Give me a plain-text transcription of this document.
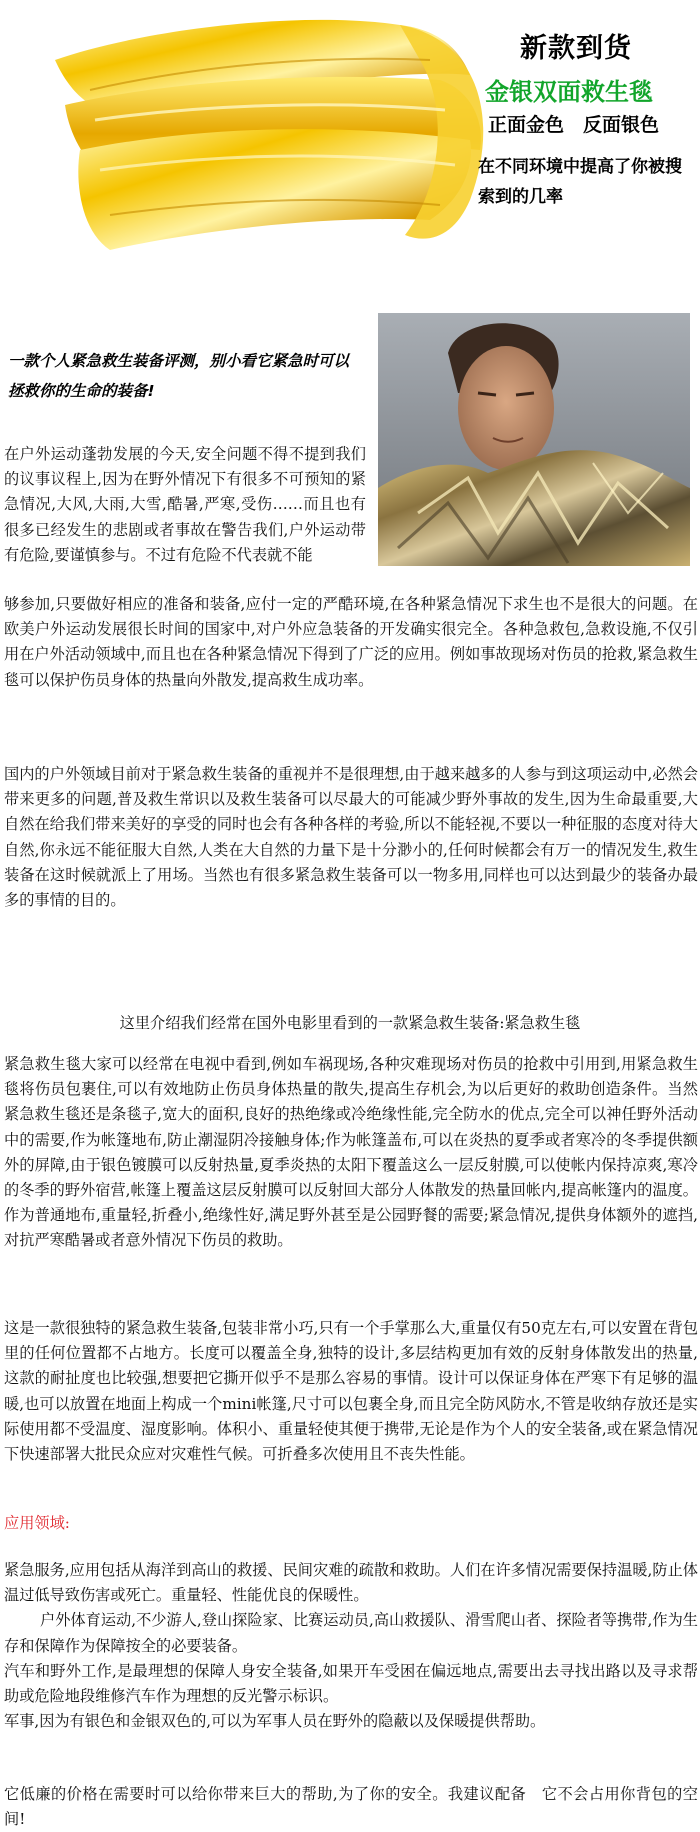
新款到货
金银双面救生毯
正面金色　反面银色
在不同环境中提高了你被搜索到的几率
一款个人紧急救生装备评测，别小看它紧急时可以拯救你的生命的装备!
在户外运动蓬勃发展的今天,安全问题不得不提到我们的议事议程上,因为在野外情况下有很多不可预知的紧急情况,大风,大雨,大雪,酷暑,严寒,受伤……而且也有很多已经发生的悲剧或者事故在警告我们,户外运动带有危险,要谨慎参与。不过有危险不代表就不能
够参加,只要做好相应的准备和装备,应付一定的严酷环境,在各种紧急情况下求生也不是很大的问题。在欧美户外运动发展很长时间的国家中,对户外应急装备的开发确实很完全。各种急救包,急救设施,不仅引用在户外活动领域中,而且也在各种紧急情况下得到了广泛的应用。例如事故现场对伤员的抢救,紧急救生毯可以保护伤员身体的热量向外散发,提高救生成功率。
国内的户外领域目前对于紧急救生装备的重视并不是很理想,由于越来越多的人参与到这项运动中,必然会带来更多的问题,普及救生常识以及救生装备可以尽最大的可能减少野外事故的发生,因为生命最重要,大自然在给我们带来美好的享受的同时也会有各种各样的考验,所以不能轻视,不要以一种征服的态度对待大自然,你永远不能征服大自然,人类在大自然的力量下是十分渺小的,任何时候都会有万一的情况发生,救生装备在这时候就派上了用场。当然也有很多紧急救生装备可以一物多用,同样也可以达到最少的装备办最多的事情的目的。
这里介绍我们经常在国外电影里看到的一款紧急救生装备:紧急救生毯
紧急救生毯大家可以经常在电视中看到,例如车祸现场,各种灾难现场对伤员的抢救中引用到,用紧急救生毯将伤员包裹住,可以有效地防止伤员身体热量的散失,提高生存机会,为以后更好的救助创造条件。当然紧急救生毯还是条毯子,宽大的面积,良好的热绝缘或冷绝缘性能,完全防水的优点,完全可以神任野外活动中的需要,作为帐篷地布,防止潮湿阴冷接触身体;作为帐篷盖布,可以在炎热的夏季或者寒冷的冬季提供额外的屏障,由于银色镀膜可以反射热量,夏季炎热的太阳下覆盖这么一层反射膜,可以使帐内保持凉爽,寒冷的冬季的野外宿营,帐篷上覆盖这层反射膜可以反射回大部分人体散发的热量回帐内,提高帐篷内的温度。作为普通地布,重量轻,折叠小,绝缘性好,满足野外甚至是公园野餐的需要;紧急情况,提供身体额外的遮挡,对抗严寒酷暑或者意外情况下伤员的救助。
这是一款很独特的紧急救生装备,包装非常小巧,只有一个手掌那么大,重量仅有50克左右,可以安置在背包里的任何位置都不占地方。长度可以覆盖全身,独特的设计,多层结构更加有效的反射身体散发出的热量,这款的耐扯度也比较强,想要把它撕开似乎不是那么容易的事情。设计可以保证身体在严寒下有足够的温暖,也可以放置在地面上构成一个mini帐篷,尺寸可以包裹全身,而且完全防风防水,不管是收纳存放还是实际使用都不受温度、湿度影响。体积小、重量轻使其便于携带,无论是作为个人的安全装备,或在紧急情况下快速部署大批民众应对灾难性气候。可折叠多次使用且不丧失性能。
应用领域:
紧急服务,应用包括从海洋到高山的救援、民间灾难的疏散和救助。人们在许多情况需要保持温暖,防止体温过低导致伤害或死亡。重量轻、性能优良的保暖性。
户外体育运动,不少游人,登山探险家、比赛运动员,高山救援队、滑雪爬山者、探险者等携带,作为生存和保障作为保障按全的必要装备。
汽车和野外工作,是最理想的保障人身安全装备,如果开车受困在偏远地点,需要出去寻找出路以及寻求帮助或危险地段维修汽车作为理想的反光警示标识。
军事,因为有银色和金银双色的,可以为军事人员在野外的隐蔽以及保暖提供帮助。
它低廉的价格在需要时可以给你带来巨大的帮助,为了你的安全。我建议配备　它不会占用你背包的空间!
